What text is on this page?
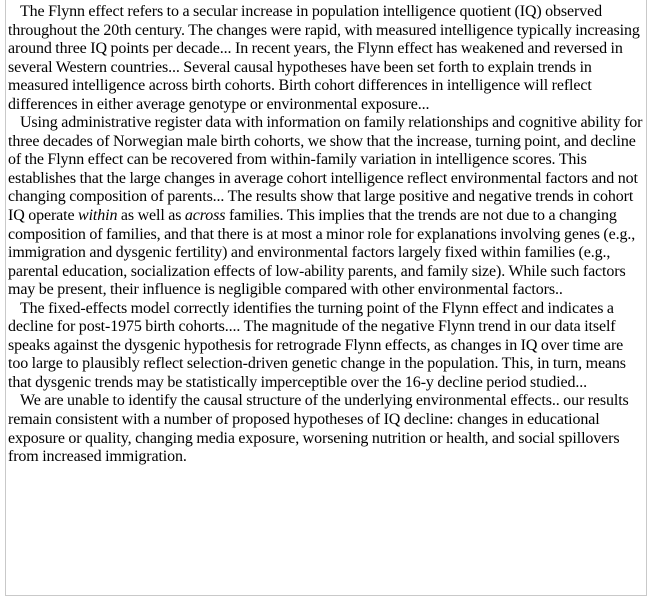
The Flynn effect refers to a secular increase in population intelligence quotient (IQ) observed throughout the 20th century. The changes were rapid, with measured intelligence typically increasing around three IQ points per decade... In recent years, the Flynn effect has weakened and reversed in several Western countries... Several causal hypotheses have been set forth to explain trends in measured intelligence across birth cohorts. Birth cohort differences in intelligence will reflect differences in either average genotype or environmental exposure...

Using administrative register data with information on family relationships and cognitive ability for three decades of Norwegian male birth cohorts, we show that the increase, turning point, and decline of the Flynn effect can be recovered from within-family variation in intelligence scores. This establishes that the large changes in average cohort intelligence reflect environmental factors and not changing composition of parents... The results show that large positive and negative trends in cohort IQ operate within as well as across families. This implies that the trends are not due to a changing composition of families, and that there is at most a minor role for explanations involving genes (e.g., immigration and dysgenic fertility) and environmental factors largely fixed within families (e.g., parental education, socialization effects of low-ability parents, and family size). While such factors may be present, their influence is negligible compared with other environmental factors..

The fixed-effects model correctly identifies the turning point of the Flynn effect and indicates a decline for post-1975 birth cohorts.... The magnitude of the negative Flynn trend in our data itself speaks against the dysgenic hypothesis for retrograde Flynn effects, as changes in IQ over time are too large to plausibly reflect selection-driven genetic change in the population. This, in turn, means that dysgenic trends may be statistically imperceptible over the 16-y decline period studied...

We are unable to identify the causal structure of the underlying environmental effects.. our results remain consistent with a number of proposed hypotheses of IQ decline: changes in educational exposure or quality, changing media exposure, worsening nutrition or health, and social spillovers from increased immigration.
